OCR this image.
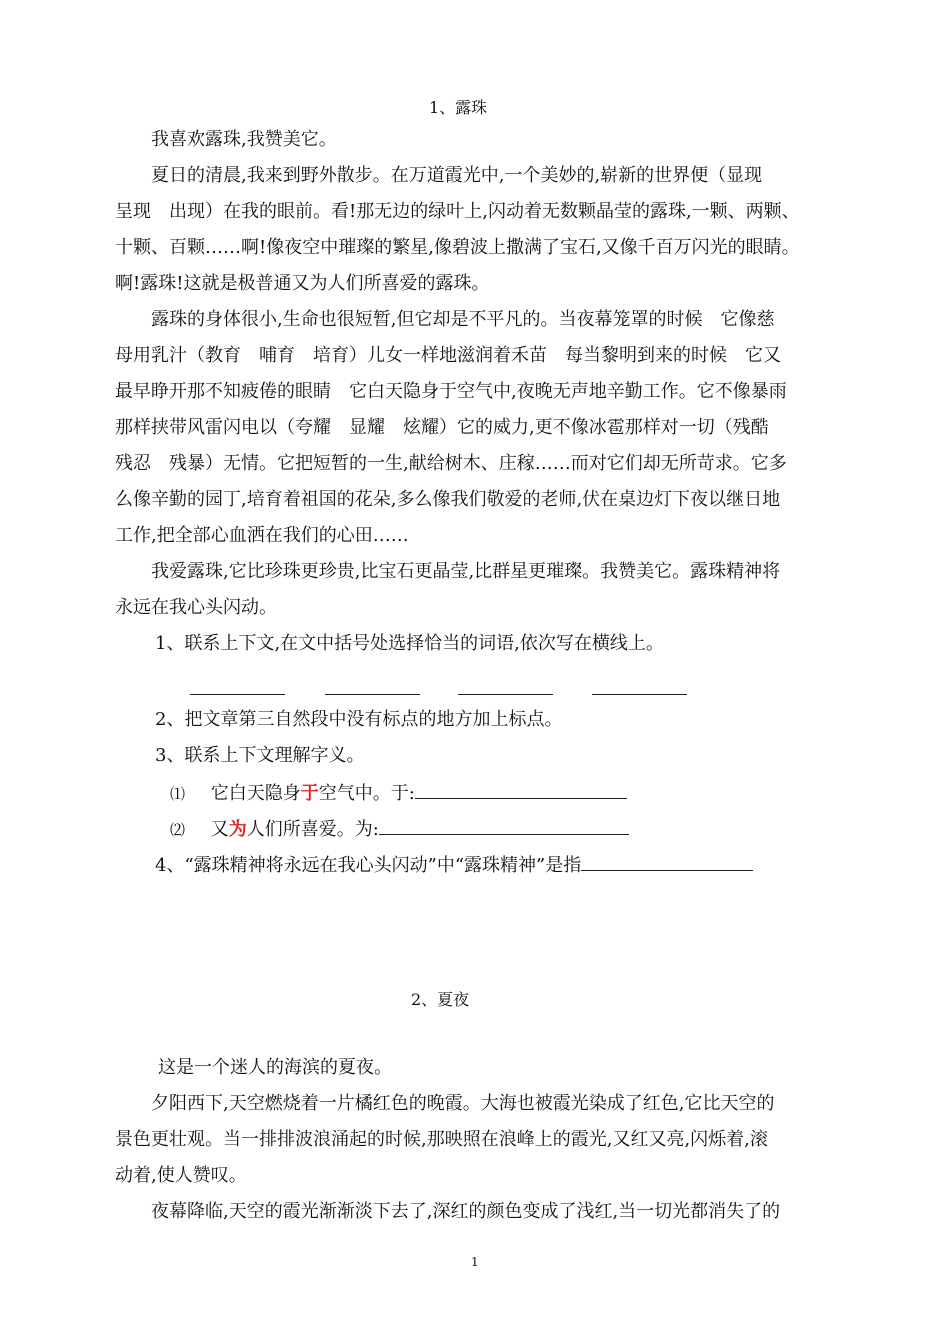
1、露珠
我喜欢露珠,我赞美它。
夏日的清晨,我来到野外散步。在万道霞光中,一个美妙的,崭新的世界便（显现
呈现　出现）在我的眼前。看!那无边的绿叶上,闪动着无数颗晶莹的露珠,一颗、两颗、
十颗、百颗……啊!像夜空中璀璨的繁星,像碧波上撒满了宝石,又像千百万闪光的眼睛。
啊!露珠!这就是极普通又为人们所喜爱的露珠。
露珠的身体很小,生命也很短暂,但它却是不平凡的。当夜幕笼罩的时候　它像慈
母用乳汁（教育　哺育　培育）儿女一样地滋润着禾苗　每当黎明到来的时候　它又
最早睁开那不知疲倦的眼睛　它白天隐身于空气中,夜晚无声地辛勤工作。它不像暴雨
那样挟带风雷闪电以（夸耀　显耀　炫耀）它的威力,更不像冰雹那样对一切（残酷
残忍　残暴）无情。它把短暂的一生,献给树木、庄稼……而对它们却无所苛求。它多
么像辛勤的园丁,培育着祖国的花朵,多么像我们敬爱的老师,伏在桌边灯下夜以继日地
工作,把全部心血洒在我们的心田……
我爱露珠,它比珍珠更珍贵,比宝石更晶莹,比群星更璀璨。我赞美它。露珠精神将
永远在我心头闪动。
1、联系上下文,在文中括号处选择恰当的词语,依次写在横线上。
2、把文章第三自然段中没有标点的地方加上标点。
3、联系上下文理解字义。
⑴ 它白天隐身于空气中。于:
⑵ 又为人们所喜爱。为:
4、“露珠精神将永远在我心头闪动”中“露珠精神”是指
2、夏夜
这是一个迷人的海滨的夏夜。
夕阳西下,天空燃烧着一片橘红色的晚霞。大海也被霞光染成了红色,它比天空的
景色更壮观。当一排排波浪涌起的时候,那映照在浪峰上的霞光,又红又亮,闪烁着,滚
动着,使人赞叹。
夜幕降临,天空的霞光渐渐淡下去了,深红的颜色变成了浅红,当一切光都消失了的
1
